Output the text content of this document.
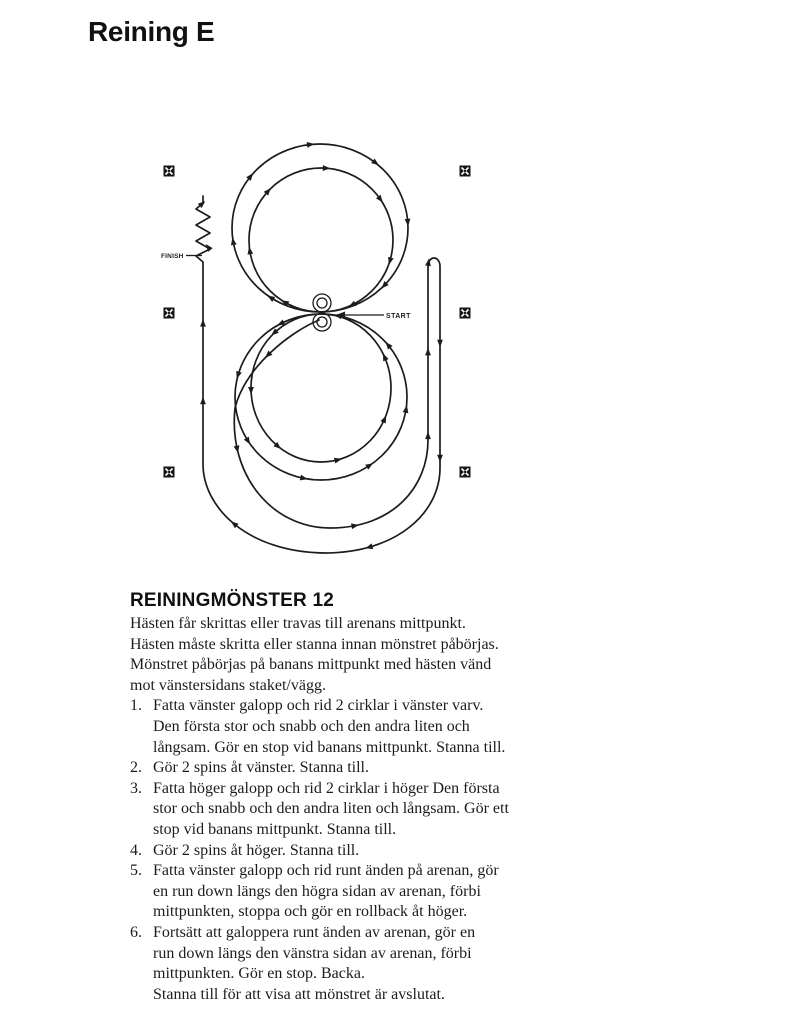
Reining E
START
FINISH
REININGMÖNSTER 12
Hästen får skrittas eller travas till arenans mittpunkt.
Hästen måste skritta eller stanna innan mönstret påbörjas.
Mönstret påbörjas på banans mittpunkt med hästen vänd
mot vänstersidans staket/vägg.
1. Fatta vänster galopp och rid 2 cirklar i vänster varv.
Den första stor och snabb och den andra liten och
långsam. Gör en stop vid banans mittpunkt. Stanna till.
2. Gör 2 spins åt vänster. Stanna till.
3. Fatta höger galopp och rid 2 cirklar i höger Den första
stor och snabb och den andra liten och långsam. Gör ett
stop vid banans mittpunkt. Stanna till.
4. Gör 2 spins åt höger. Stanna till.
5. Fatta vänster galopp och rid runt änden på arenan, gör
en run down längs den högra sidan av arenan, förbi
mittpunkten, stoppa och gör en rollback åt höger.
6. Fortsätt att galoppera runt änden av arenan, gör en
run down längs den vänstra sidan av arenan, förbi
mittpunkten. Gör en stop. Backa.
Stanna till för att visa att mönstret är avslutat.
